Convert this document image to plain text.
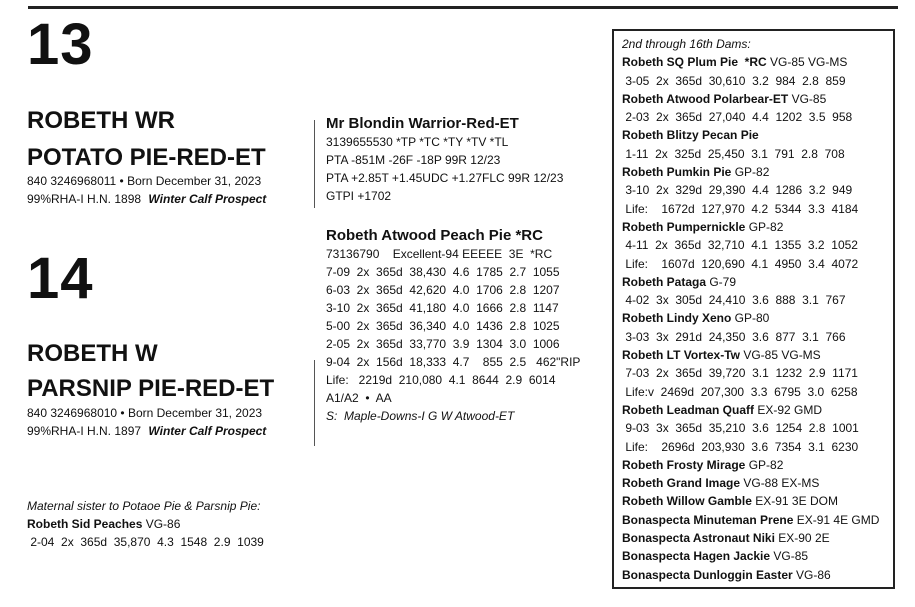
13
ROBETH WR
POTATO PIE-RED-ET
840 3246968011 • Born December 31, 2023
99%RHA-I H.N. 1898 Winter Calf Prospect
14
ROBETH W
PARSNIP PIE-RED-ET
840 3246968010 • Born December 31, 2023
99%RHA-I H.N. 1897 Winter Calf Prospect
Mr Blondin Warrior-Red-ET
3139655530 *TP *TC *TY *TV *TL
PTA -851M -26F -18P 99R 12/23
PTA +2.85T +1.45UDC +1.27FLC 99R 12/23
GTPI +1702
Robeth Atwood Peach Pie *RC
73136790    Excellent-94 EEEEE  3E  *RC
7-09  2x  365d  38,430  4.6  1785  2.7  1055
6-03  2x  365d  42,620  4.0  1706  2.8  1207
3-10  2x  365d  41,180  4.0  1666  2.8  1147
5-00  2x  365d  36,340  4.0  1436  2.8  1025
2-05  2x  365d  33,770  3.9  1304  3.0  1006
9-04  2x  156d  18,333  4.7    855  2.5   462"RIP
Life:   2219d  210,080  4.1  8644  2.9  6014
A1/A2  •  AA
S:  Maple-Downs-I G W Atwood-ET
Maternal sister to Potaoe Pie & Parsnip Pie:
Robeth Sid Peaches VG-86
2-04  2x  365d  35,870  4.3  1548  2.9  1039
2nd through 16th Dams:
Robeth SQ Plum Pie  *RC VG-85 VG-MS
3-05  2x  365d  30,610  3.2  984  2.8  859
Robeth Atwood Polarbear-ET VG-85
2-03  2x  365d  27,040  4.4  1202  3.5  958
Robeth Blitzy Pecan Pie
1-11  2x  325d  25,450  3.1  791  2.8  708
Robeth Pumkin Pie GP-82
3-10  2x  329d  29,390  4.4  1286  3.2  949
Life:    1672d  127,970  4.2  5344  3.3  4184
Robeth Pumpernickle GP-82
4-11  2x  365d  32,710  4.1  1355  3.2  1052
Life:    1607d  120,690  4.1  4950  3.4  4072
Robeth Pataga G-79
4-02  3x  305d  24,410  3.6  888  3.1  767
Robeth Lindy Xeno GP-80
3-03  3x  291d  24,350  3.6  877  3.1  766
Robeth LT Vortex-Tw VG-85 VG-MS
7-03  2x  365d  39,720  3.1  1232  2.9  1171
Life:v  2469d  207,300  3.3  6795  3.0  6258
Robeth Leadman Quaff EX-92 GMD
9-03  3x  365d  35,210  3.6  1254  2.8  1001
Life:    2696d  203,930  3.6  7354  3.1  6230
Robeth Frosty Mirage GP-82
Robeth Grand Image VG-88 EX-MS
Robeth Willow Gamble EX-91 3E DOM
Bonaspecta Minuteman Prene EX-91 4E GMD
Bonaspecta Astronaut Niki EX-90 2E
Bonaspecta Hagen Jackie VG-85
Bonaspecta Dunloggin Easter VG-86
